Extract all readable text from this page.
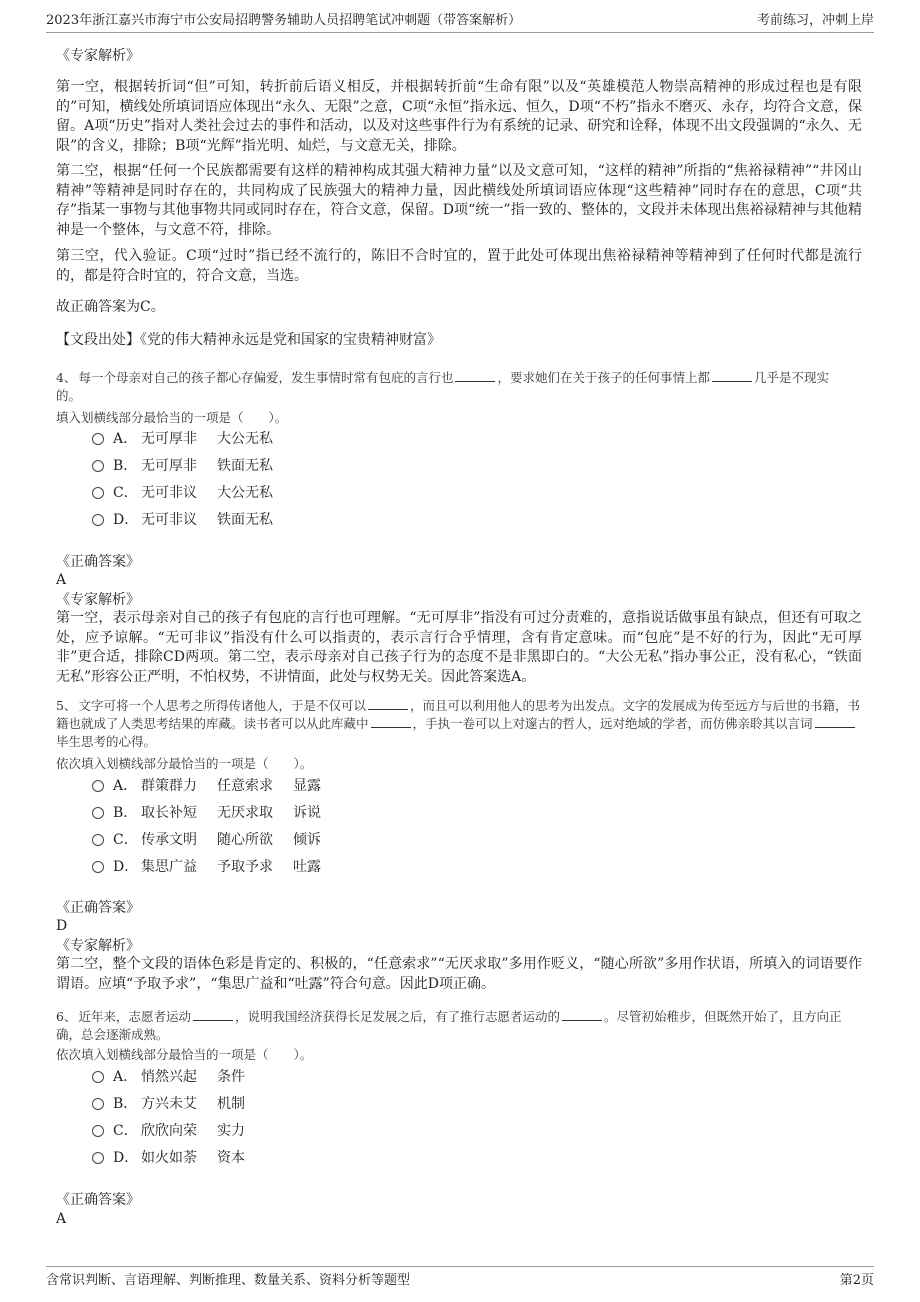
2023年浙江嘉兴市海宁市公安局招聘警务辅助人员招聘笔试冲刺题（带答案解析）	考前练习，冲刺上岸
《专家解析》
第一空，根据转折词“但”可知，转折前后语义相反，并根据转折前“生命有限”以及“英雄模范人物崇高精神的形成过程也是有限的”可知，横线处所填词语应体现出“永久、无限”之意，C项“永恒”指永远、恒久，D项“不朽”指永不磨灭、永存，均符合文意，保留。A项“历史”指对人类社会过去的事件和活动，以及对这些事件行为有系统的记录、研究和诠释，体现不出文段强调的“永久、无限”的含义，排除；B项“光辉”指光明、灿烂，与文意无关，排除。
第二空，根据“任何一个民族都需要有这样的精神构成其强大精神力量”以及文意可知，“这样的精神”所指的“焦裕禄精神”“井冈山精神”等精神是同时存在的，共同构成了民族强大的精神力量，因此横线处所填词语应体现“这些精神”同时存在的意思，C项“共存”指某一事物与其他事物共同或同时存在，符合文意，保留。D项“统一”指一致的、整体的，文段并未体现出焦裕禄精神与其他精神是一个整体，与文意不符，排除。
第三空，代入验证。C项“过时”指已经不流行的，陈旧不合时宜的，置于此处可体现出焦裕禄精神等精神到了任何时代都是流行的，都是符合时宜的，符合文意，当选。
故正确答案为C。
【文段出处】《党的伟大精神永远是党和国家的宝贵精神财富》
4、 每一个母亲对自己的孩子都心存偏爱，发生事情时常有包庇的言行也	，要求她们在关于孩子的任何事情上都	几乎是不现实
的。
填入划横线部分最恰当的一项是（　　）。
A． 无可厚非 大公无私
B． 无可厚非 铁面无私
C． 无可非议 大公无私
D． 无可非议 铁面无私
《正确答案》
A
《专家解析》
第一空，表示母亲对自己的孩子有包庇的言行也可理解。“无可厚非”指没有可过分责难的，意指说话做事虽有缺点，但还有可取之处，应予谅解。“无可非议”指没有什么可以指责的，表示言行合乎情理，含有肯定意味。而“包庇”是不好的行为，因此“无可厚非”更合适，排除CD两项。第二空，表示母亲对自己孩子行为的态度不是非黑即白的。“大公无私”指办事公正，没有私心，“铁面无私”形容公正严明，不怕权势，不讲情面，此处与权势无关。因此答案选A。
5、 文字可将一个人思考之所得传诸他人，于是不仅可以	，而且可以利用他人的思考为出发点。文字的发展成为传至远方与后世的书籍，书籍也就成了人类思考结果的库藏。读书者可以从此库藏中	，手执一卷可以上对邃古的哲人，远对绝域的学者，而仿佛亲聆其以言词毕生思考的心得。
依次填入划横线部分最恰当的一项是（　　）。
A． 群策群力 任意索求 显露
B． 取长补短 无厌求取 诉说
C． 传承文明 随心所欲 倾诉
D． 集思广益 予取予求 吐露
《正确答案》
D
《专家解析》
第二空，整个文段的语体色彩是肯定的、积极的，“任意索求”“无厌求取”多用作贬义，“随心所欲”多用作状语，所填入的词语要作谓语。应填“予取予求”，“集思广益和“吐露”符合句意。因此D项正确。
6、 近年来，志愿者运动	，说明我国经济获得长足发展之后，有了推行志愿者运动的	。尽管初始稚步，但既然开始了，且方向正确，总会逐渐成熟。
依次填入划横线部分最恰当的一项是（　　）。
A． 悄然兴起 条件
B． 方兴未艾 机制
C． 欣欣向荣 实力
D． 如火如荼 资本
《正确答案》
A
含常识判断、言语理解、判断推理、数量关系、资料分析等题型	第2页
